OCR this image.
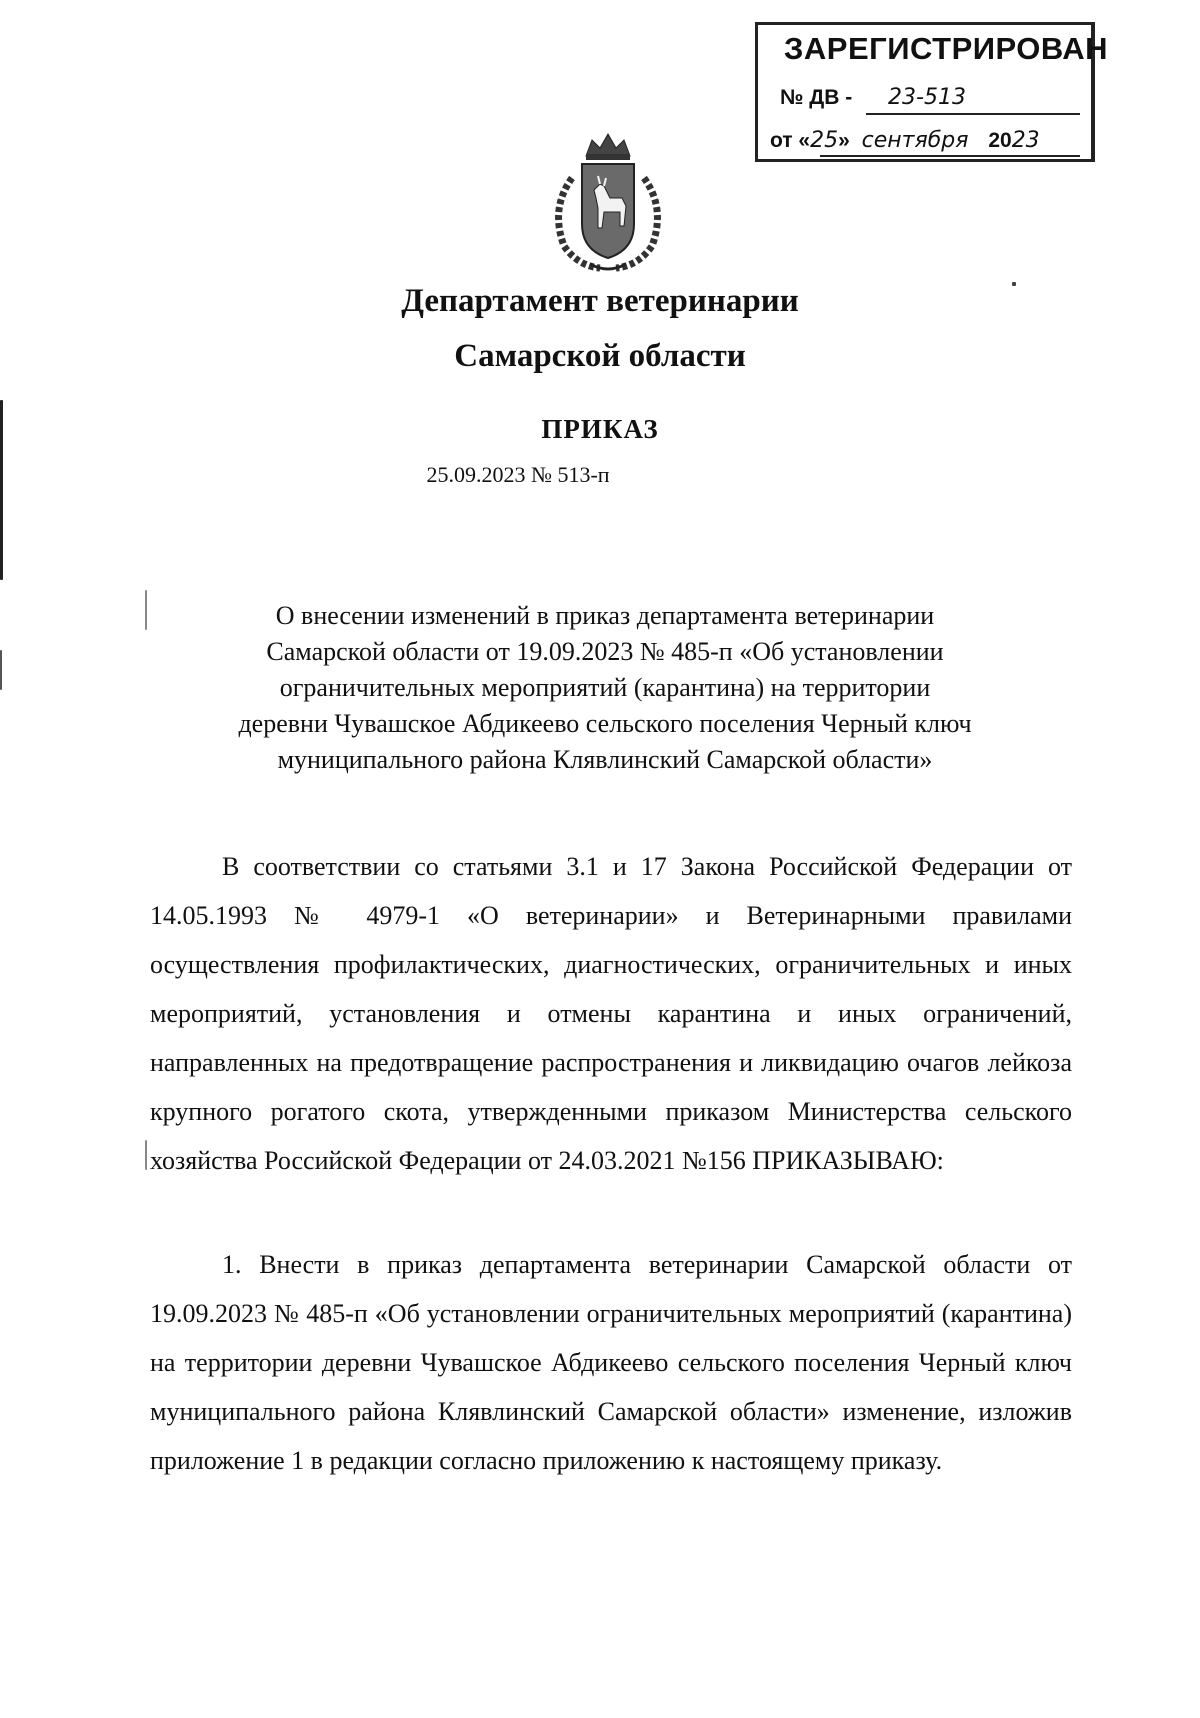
ЗАРЕГИСТРИРОВАН
№ ДВ - 23-513
от «25» сентября 2023
Департамент ветеринарии
Самарской области
ПРИКАЗ
25.09.2023 № 513-п
О внесении изменений в приказ департамента ветеринарии
Самарской области от 19.09.2023 № 485-п «Об установлении
ограничительных мероприятий (карантина) на территории
деревни Чувашское Абдикеево сельского поселения Черный ключ
муниципального района Клявлинский Самарской области»

В соответствии со статьями 3.1 и 17 Закона Российской Федерации от 14.05.1993 № 4979-1 «О ветеринарии» и Ветеринарными правилами осуществления профилактических, диагностических, ограничительных и иных мероприятий, установления и отмены карантина и иных ограничений, направленных на предотвращение распространения и ликвидацию очагов лейкоза крупного рогатого скота, утвержденными приказом Министерства сельского хозяйства Российской Федерации от 24.03.2021 №156 ПРИКАЗЫВАЮ:

1. Внести в приказ департамента ветеринарии Самарской области от 19.09.2023 № 485-п «Об установлении ограничительных мероприятий (карантина) на территории деревни Чувашское Абдикеево сельского поселения Черный ключ муниципального района Клявлинский Самарской области» изменение, изложив приложение 1 в редакции согласно приложению к настоящему приказу.
